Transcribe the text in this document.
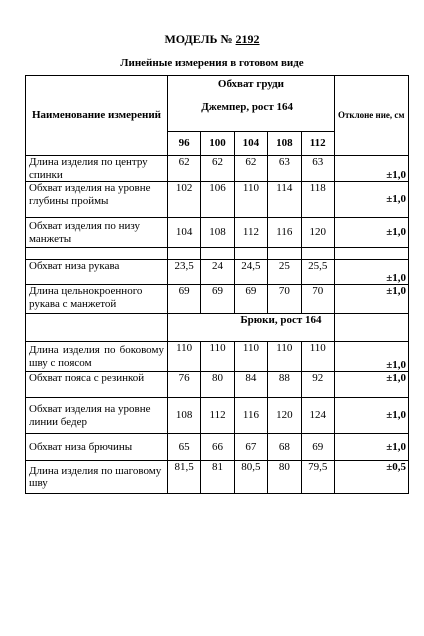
МОДЕЛЬ № 2192
Линейные измерения в готовом виде
Наименование измерений	Обхват груди
Джемпер, рост 164					Отклоне ние, см
	96	100	104	108	112	
Длина изделия по центру спинки	62	62	62	63	63	±1,0
Обхват изделия на уровне глубины проймы	102	106	110	114	118	±1,0
Обхват изделия по низу манжеты	104	108	112	116	120	±1,0

Обхват низа рукава	23,5	24	24,5	25	25,5	±1,0
Длина цельнокроенного рукава с манжетой	69	69	69	70	70	±1,0
	Брюки, рост 164					
Длина изделия по боковому шву с поясом	110	110	110	110	110	±1,0
Обхват пояса с резинкой	76	80	84	88	92	±1,0
Обхват изделия на уровне линии бедер	108	112	116	120	124	±1,0
Обхват низа брючины	65	66	67	68	69	±1,0
Длина изделия по шаговому шву	81,5	81	80,5	80	79,5	±0,5
